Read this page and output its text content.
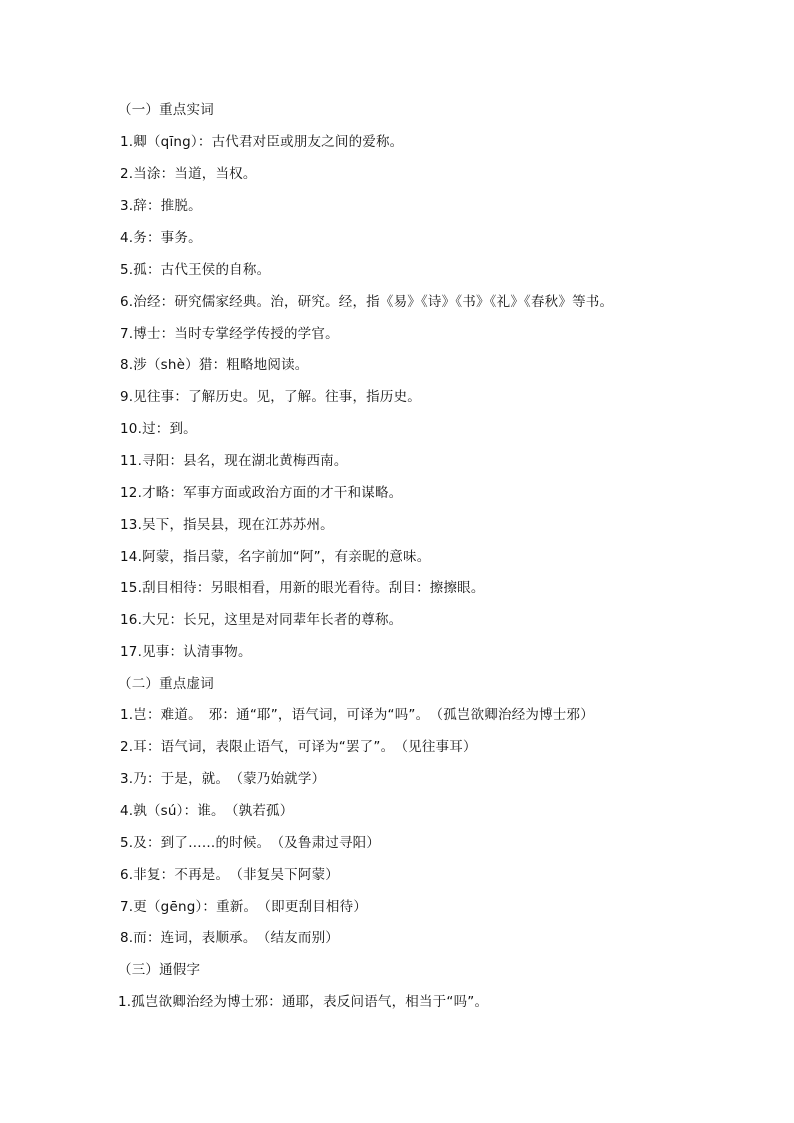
（一）重点实词
1.卿（qīng）：古代君对臣或朋友之间的爱称。
2.当涂：当道，当权。
3.辞：推脱。
4.务：事务。
5.孤：古代王侯的自称。
6.治经：研究儒家经典。治，研究。经，指《易》《诗》《书》《礼》《春秋》等书。
7.博士：当时专掌经学传授的学官。
8.涉（shè）猎：粗略地阅读。
9.见往事：了解历史。见，了解。往事，指历史。
10.过：到。
11.寻阳：县名，现在湖北黄梅西南。
12.才略：军事方面或政治方面的才干和谋略。
13.吴下，指吴县，现在江苏苏州。
14.阿蒙，指吕蒙，名字前加“阿”，有亲昵的意味。
15.刮目相待：另眼相看，用新的眼光看待。刮目：擦擦眼。
16.大兄：长兄，这里是对同辈年长者的尊称。
17.见事：认清事物。
（二）重点虚词
1.岂：难道。　邪：通“耶”，语气词，可译为“吗”。　（孤岂欲卿治经为博士邪）
2.耳：语气词，表限止语气，可译为“罢了”。　（见往事耳）
3.乃：于是，就。　（蒙乃始就学）
4.孰（sú）：谁。　（孰若孤）
5.及：到了……的时候。　（及鲁肃过寻阳）
6.非复：不再是。　（非复吴下阿蒙）
7.更（gēng）：重新。　（即更刮目相待）
8.而：连词，表顺承。　（结友而别）
（三）通假字
1.孤岂欲卿治经为博士邪：通耶，表反问语气，相当于“吗”。
